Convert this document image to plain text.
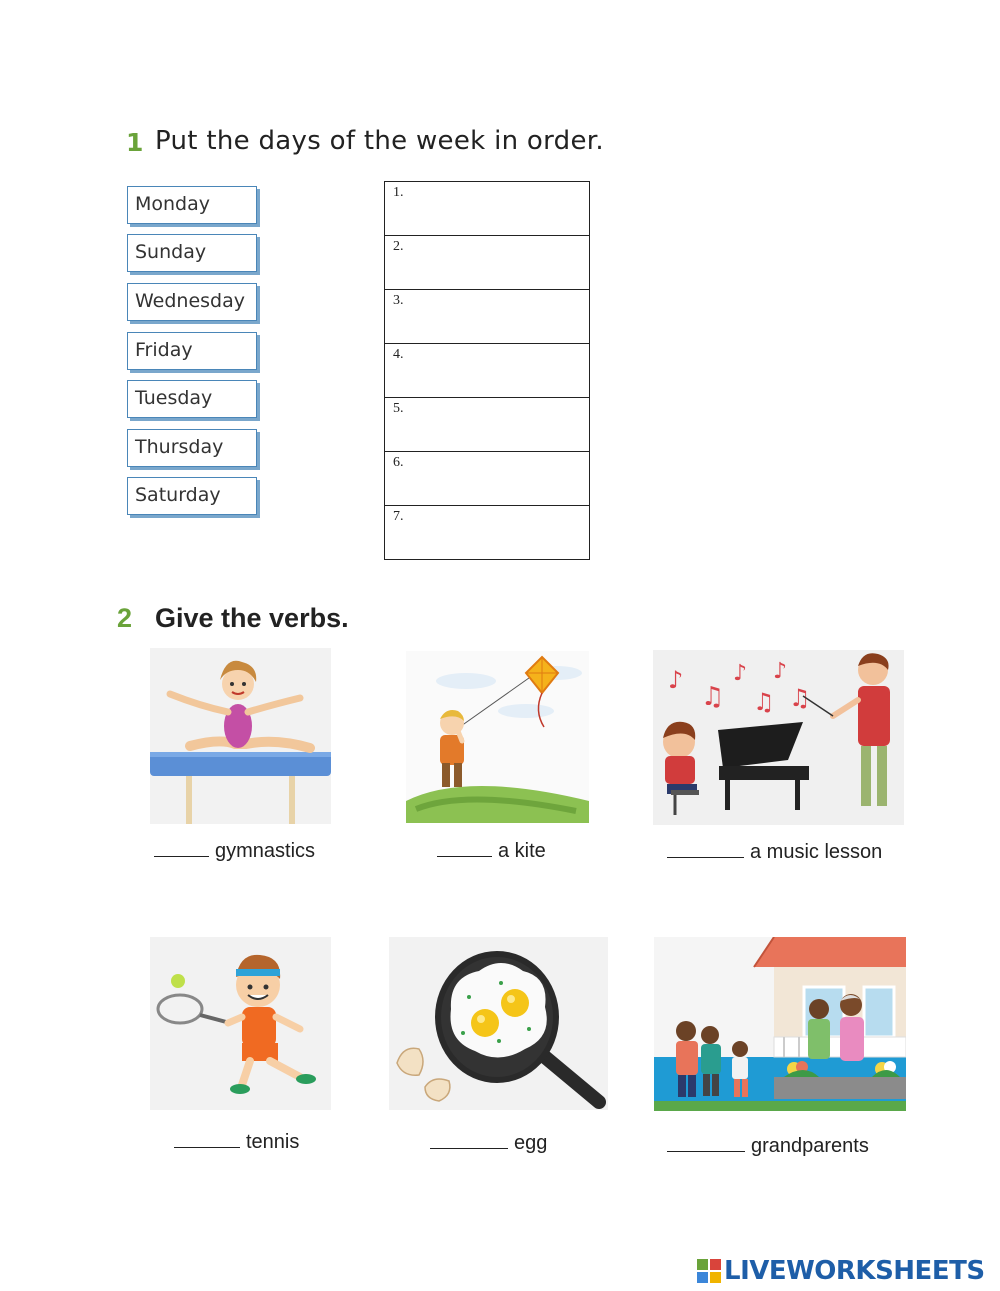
1 Put the days of the week in order.
Monday
Sunday
Wednesday
Friday
Tuesday
Thursday
Saturday
1.
2.
3.
4.
5.
6.
7.
2 Give the verbs.
♪
♫
♪
♫
♪
♫
gymnastics	a kite	a music lesson
tennis	egg	grandparents
LIVEWORKSHEETS
